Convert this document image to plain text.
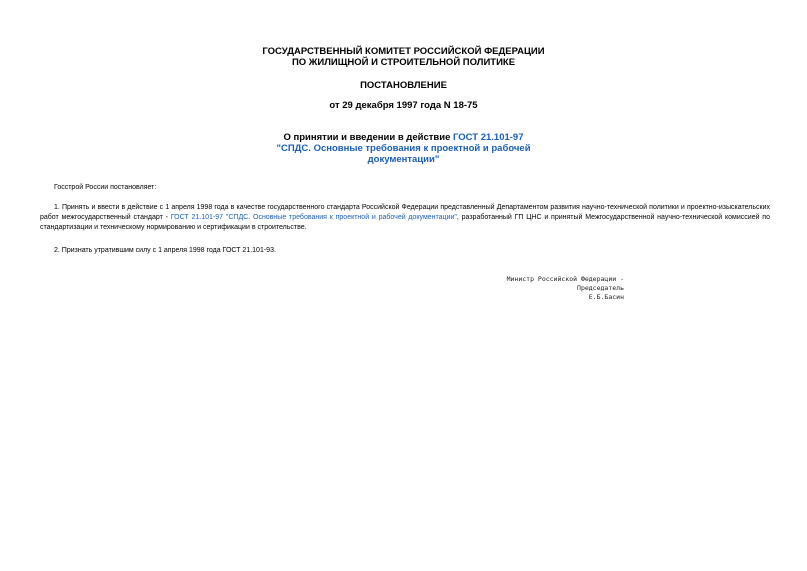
ГОСУДАРСТВЕННЫЙ КОМИТЕТ РОССИЙСКОЙ ФЕДЕРАЦИИ
ПО ЖИЛИЩНОЙ И СТРОИТЕЛЬНОЙ ПОЛИТИКЕ
ПОСТАНОВЛЕНИЕ
от 29 декабря 1997 года N 18-75
О принятии и введении в действие ГОСТ 21.101-97
"СПДС. Основные требования к проектной и рабочей
документации"
Госстрой России постановляет:
1. Принять и ввести в действие с 1 апреля 1998 года в качестве государственного стандарта Российской Федерации представленный Департаментом развития научно-технической политики и проектно-изыскательских работ межгосударственный стандарт - ГОСТ 21.101-97 "СПДС. Основные требования к проектной и рабочей документации", разработанный ГП ЦНС и принятый Межгосударственной научно-технической комиссией по стандартизации и техническому нормированию и сертификации в строительстве.
2. Признать утратившим силу с 1 апреля 1998 года ГОСТ 21.101-93.
Министр Российской Федерации -
Председатель
Е.Б.Басин
